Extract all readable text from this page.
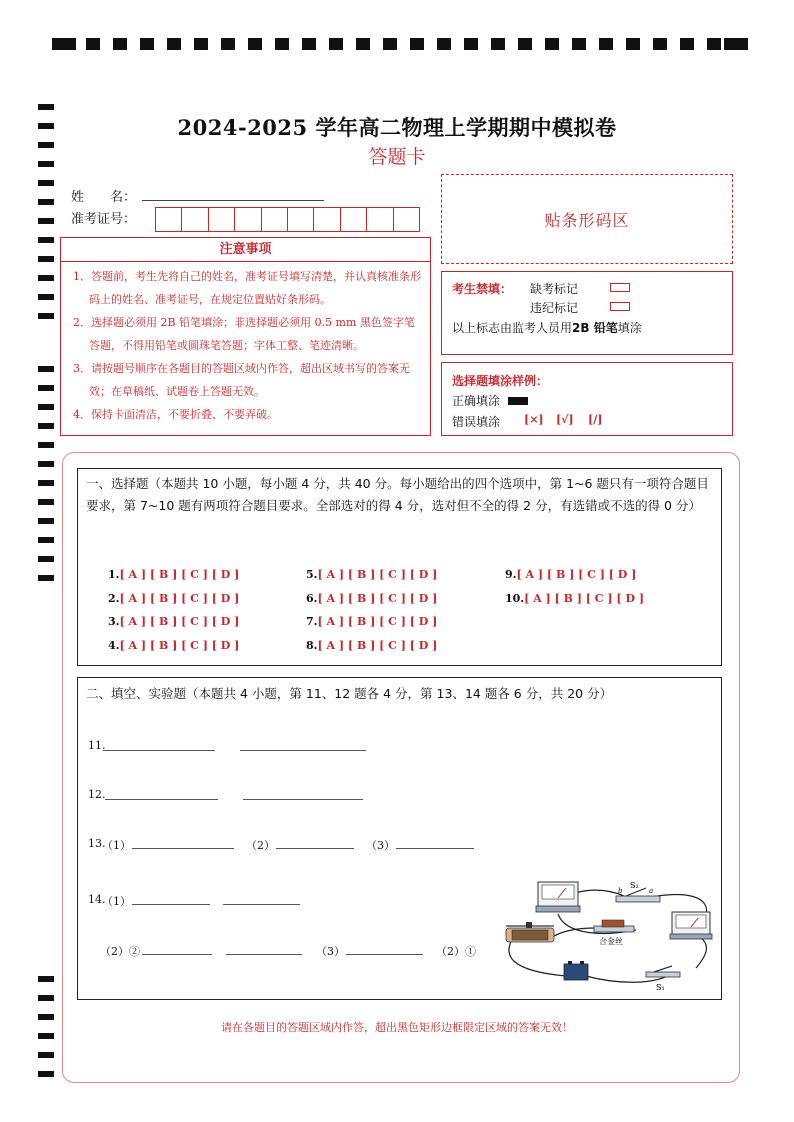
2024-2025 学年高二物理上学期期中模拟卷
答题卡
姓　　名：
准考证号：	贴条形码区
注意事项
1．答题前，考生先将自己的姓名，准考证号填写清楚，并认真核准条形码上的姓名、准考证号，在规定位置贴好条形码。
2．选择题必须用 2B 铅笔填涂；非选择题必须用 0.5 mm 黑色签字笔答题，不得用铅笔或圆珠笔答题；字体工整、笔迹清晰。
3．请按题号顺序在各题目的答题区域内作答，超出区域书写的答案无效；在草稿纸、试题卷上答题无效。
4．保持卡面清洁，不要折叠、不要弄破。
考生禁填： 缺考标记
违纪标记
以上标志由监考人员用2B 铅笔填涂
选择题填涂样例：
正确填涂
错误填涂 [×] [√] [/]
一、选择题（本题共 10 小题，每小题 4 分，共 40 分。每小题给出的四个选项中，第 1~6 题只有一项符合题目要求，第 7~10 题有两项符合题目要求。全部选对的得 4 分，选对但不全的得 2 分，有选错或不选的得 0 分）
1.[ A ] [ B ] [ C ] [ D ]
2.[ A ] [ B ] [ C ] [ D ]
3.[ A ] [ B ] [ C ] [ D ]
4.[ A ] [ B ] [ C ] [ D ]
5.[ A ] [ B ] [ C ] [ D ]
6.[ A ] [ B ] [ C ] [ D ]
7.[ A ] [ B ] [ C ] [ D ]
8.[ A ] [ B ] [ C ] [ D ]
9.[ A ] [ B ] [ C ] [ D ]
10.[ A ] [ B ] [ C ] [ D ]
二、填空、实验题（本题共 4 小题，第 11、12 题各 4 分，第 13、14 题各 6 分，共 20 分）
11.
12.
13.
（1）	（2）	（3）
14.
（1）
（2）②	（3）	（2）①
S₂
b	a
合金丝
S₁
请在各题目的答题区域内作答，超出黑色矩形边框限定区域的答案无效！
